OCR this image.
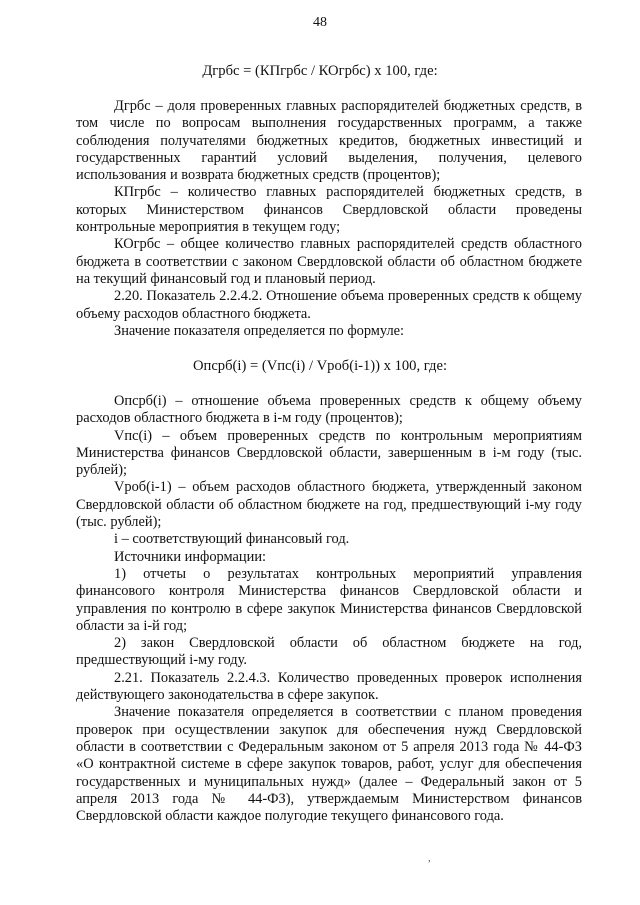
48
Дгрбс = (КПгрбс / КОгрбс) х 100, где:

Дгрбс – доля проверенных главных распорядителей бюджетных средств, в том числе по вопросам выполнения государственных программ, а также соблюдения получателями бюджетных кредитов, бюджетных инвестиций и государственных гарантий условий выделения, получения, целевого использования и возврата бюджетных средств (процентов);

КПгрбс – количество главных распорядителей бюджетных средств, в которых Министерством финансов Свердловской области проведены контрольные мероприятия в текущем году;

КОгрбс – общее количество главных распорядителей средств областного бюджета в соответствии с законом Свердловской области об областном бюджете на текущий финансовый год и плановый период.

2.20. Показатель 2.2.4.2. Отношение объема проверенных средств к общему объему расходов областного бюджета.

Значение показателя определяется по формуле:

Опсрб(i) = (Vпс(i) / Vроб(i-1)) х 100, где:

Опсрб(i) – отношение объема проверенных средств к общему объему расходов областного бюджета в i-м году (процентов);

Vпс(i) – объем проверенных средств по контрольным мероприятиям Министерства финансов Свердловской области, завершенным в i-м году (тыс. рублей);

Vроб(i-1) – объем расходов областного бюджета, утвержденный законом Свердловской области об областном бюджете на год, предшествующий i-му году (тыс. рублей);

i – соответствующий финансовый год.

Источники информации:

1) отчеты о результатах контрольных мероприятий управления финансового контроля Министерства финансов Свердловской области и управления по контролю в сфере закупок Министерства финансов Свердловской области за i-й год;

2) закон Свердловской области об областном бюджете на год, предшествующий i-му году.

2.21. Показатель 2.2.4.3. Количество проведенных проверок исполнения действующего законодательства в сфере закупок.

Значение показателя определяется в соответствии с планом проведения проверок при осуществлении закупок для обеспечения нужд Свердловской области в соответствии с Федеральным законом от 5 апреля 2013 года № 44-ФЗ «О контрактной системе в сфере закупок товаров, работ, услуг для обеспечения государственных и муниципальных нужд» (далее – Федеральный закон от 5 апреля 2013 года № 44-ФЗ), утверждаемым Министерством финансов Свердловской области каждое полугодие текущего финансового года.

,
